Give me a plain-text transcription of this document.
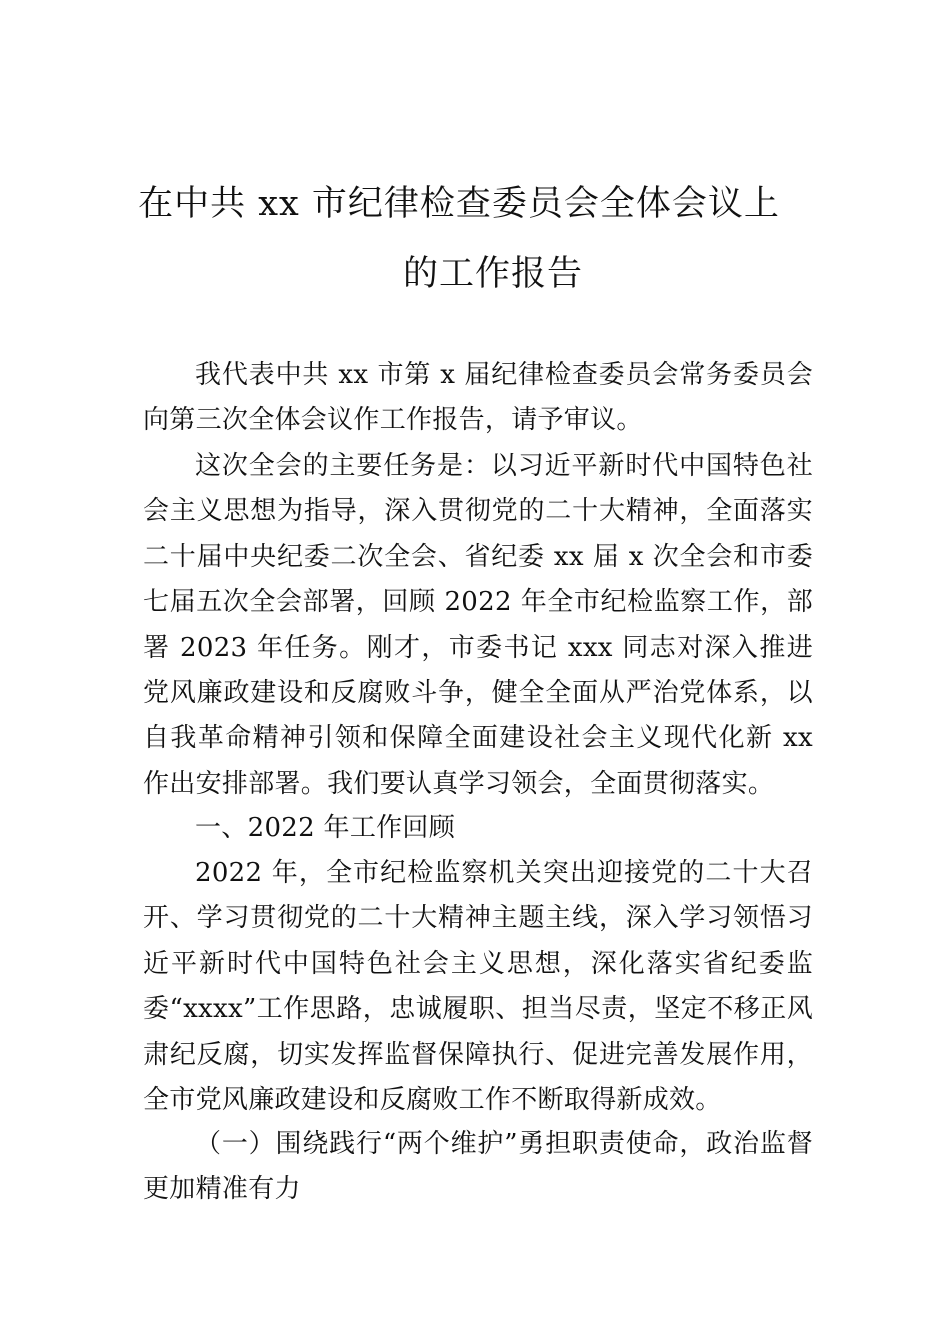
在中共 xx 市纪律检查委员会全体会议上
的工作报告

我代表中共 xx 市第 x 届纪律检查委员会常务委员会向第三次全体会议作工作报告，请予审议。

这次全会的主要任务是：以习近平新时代中国特色社会主义思想为指导，深入贯彻党的二十大精神，全面落实二十届中央纪委二次全会、省纪委 xx 届 x 次全会和市委七届五次全会部署，回顾 2022 年全市纪检监察工作，部署 2023 年任务。刚才，市委书记 xxx 同志对深入推进党风廉政建设和反腐败斗争，健全全面从严治党体系，以自我革命精神引领和保障全面建设社会主义现代化新 xx 作出安排部署。我们要认真学习领会，全面贯彻落实。

一、2022 年工作回顾

2022 年，全市纪检监察机关突出迎接党的二十大召开、学习贯彻党的二十大精神主题主线，深入学习领悟习近平新时代中国特色社会主义思想，深化落实省纪委监委“xxxx”工作思路，忠诚履职、担当尽责，坚定不移正风肃纪反腐，切实发挥监督保障执行、促进完善发展作用，全市党风廉政建设和反腐败工作不断取得新成效。

（一）围绕践行“两个维护”勇担职责使命，政治监督更加精准有力
